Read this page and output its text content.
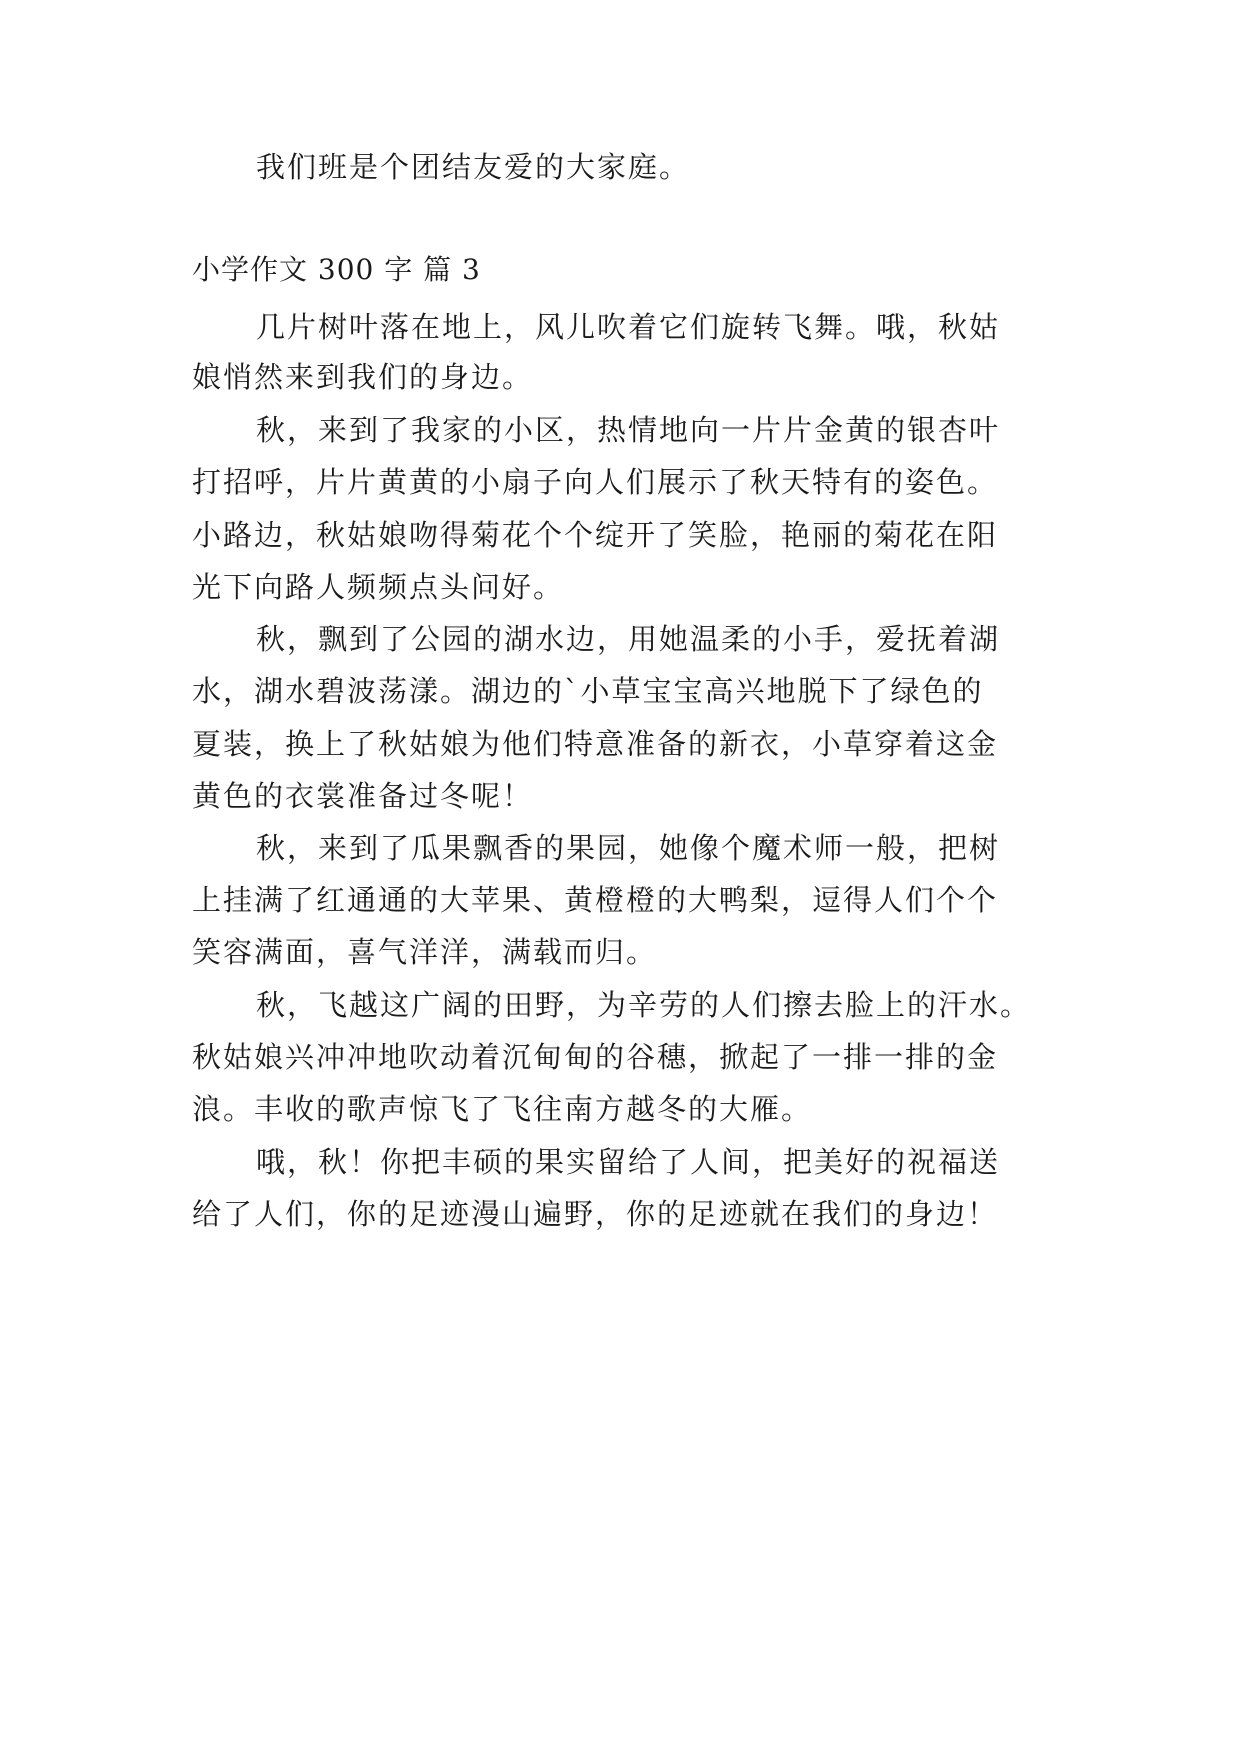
我们班是个团结友爱的大家庭。
小学作文 300 字 篇 3
几片树叶落在地上，风儿吹着它们旋转飞舞。哦，秋姑
娘悄然来到我们的身边。
秋，来到了我家的小区，热情地向一片片金黄的银杏叶
打招呼，片片黄黄的小扇子向人们展示了秋天特有的姿色。
小路边，秋姑娘吻得菊花个个绽开了笑脸，艳丽的菊花在阳
光下向路人频频点头问好。
秋，飘到了公园的湖水边，用她温柔的小手，爱抚着湖
水，湖水碧波荡漾。湖边的`小草宝宝高兴地脱下了绿色的
夏装，换上了秋姑娘为他们特意准备的新衣，小草穿着这金
黄色的衣裳准备过冬呢！
秋，来到了瓜果飘香的果园，她像个魔术师一般，把树
上挂满了红通通的大苹果、黄橙橙的大鸭梨，逗得人们个个
笑容满面，喜气洋洋，满载而归。
秋，飞越这广阔的田野，为辛劳的人们擦去脸上的汗水。
秋姑娘兴冲冲地吹动着沉甸甸的谷穗，掀起了一排一排的金
浪。丰收的歌声惊飞了飞往南方越冬的大雁。
哦，秋！你把丰硕的果实留给了人间，把美好的祝福送
给了人们，你的足迹漫山遍野，你的足迹就在我们的身边！
